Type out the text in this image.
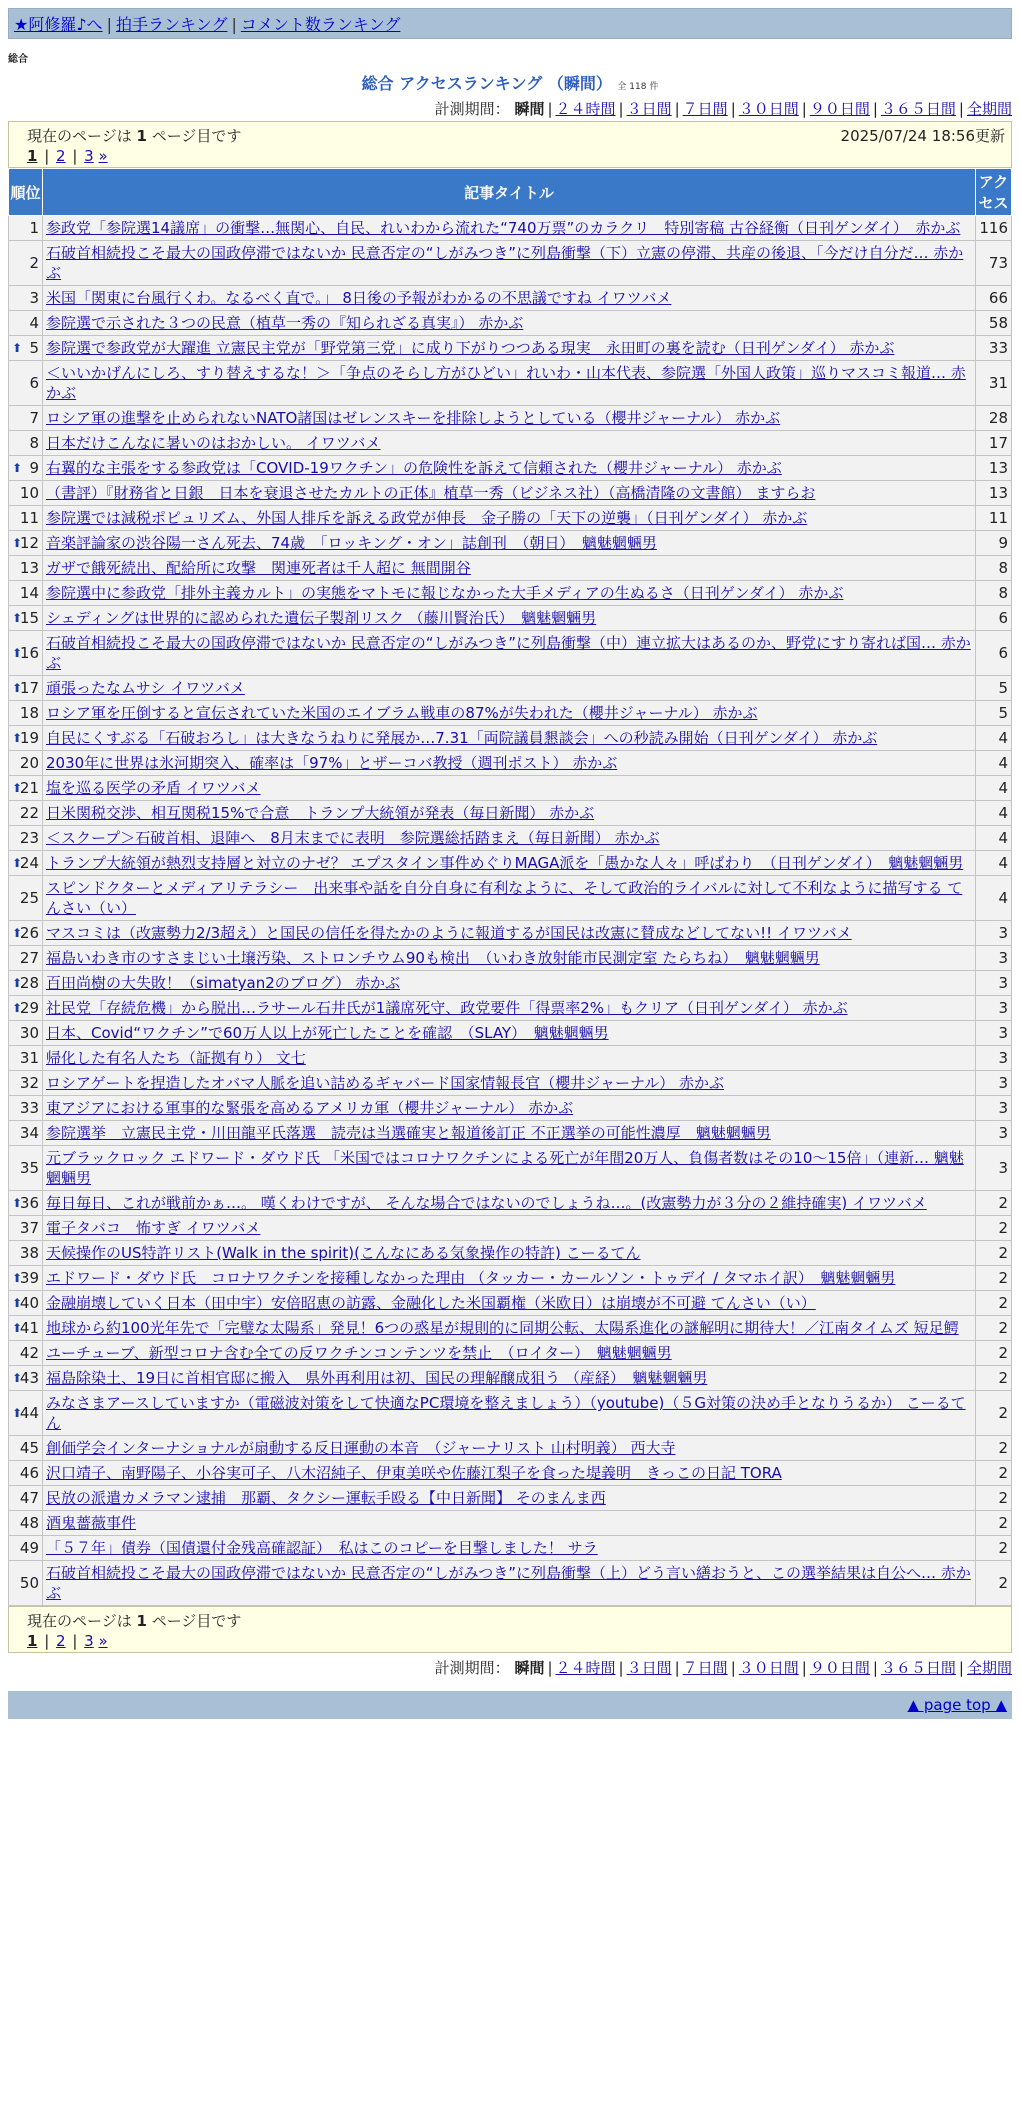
★阿修羅♪へ | 拍手ランキング | コメント数ランキング
総合
総合 アクセスランキング （瞬間） 全 118 件
計測期間： 瞬間 | ２４時間 | ３日間 | ７日間 | ３０日間 | ９０日間 | ３６５日間 | 全期間
現在のページは 1 ページ目です	2025/07/24 18:56更新
1 | 2 | 3 »
順位	記事タイトル	アクセス
1	参政党「参院選14議席」の衝撃…無関心、自民、れいわから流れた“740万票”のカラクリ　特別寄稿 古谷経衡（日刊ゲンダイ）　赤かぶ	116
2	石破首相続投こそ最大の国政停滞ではないか 民意否定の“しがみつき”に列島衝撃（下）立憲の停滞、共産の後退、「今だけ自分だ… 赤かぶ	73
3	米国「関東に台風行くわ。なるべく直で。」 8日後の予報がわかるの不思議ですね イワツバメ	66
4	参院選で示された３つの民意（植草一秀の『知られざる真実』） 赤かぶ	58

⬆ 5	参院選で参政党が大躍進 立憲民主党が「野党第三党」に成り下がりつつある現実　永田町の裏を読む（日刊ゲンダイ） 赤かぶ	33
6	＜いいかげんにしろ、すり替えするな！＞「争点のそらし方がひどい」れいわ・山本代表、参院選「外国人政策」巡りマスコミ報道… 赤かぶ	31
7	ロシア軍の進撃を止められないNATO諸国はゼレンスキーを排除しようとしている（櫻井ジャーナル） 赤かぶ	28
8	日本だけこんなに暑いのはおかしい。 イワツバメ	17

⬆ 9	右翼的な主張をする参政党は「COVID-19ワクチン」の危険性を訴えて信頼された（櫻井ジャーナル） 赤かぶ	13
10	（書評）『財務省と日銀　日本を衰退させたカルトの正体』植草一秀（ビジネス社）（高橋清隆の文書館） ますらお	13
11	参院選では減税ポピュリズム、外国人排斥を訴える政党が伸長　金子勝の「天下の逆襲」（日刊ゲンダイ） 赤かぶ	11

⬆
12	音楽評論家の渋谷陽一さん死去、74歳　「ロッキング・オン」誌創刊　（朝日）　魑魅魍魎男	9
13	ガザで餓死続出、配給所に攻撃　関連死者は千人超に 無間開谷	8
14	参院選中に参政党「排外主義カルト」の実態をマトモに報じなかった大手メディアの生ぬるさ（日刊ゲンダイ） 赤かぶ	8

⬆
15	シェディングは世界的に認められた遺伝子製剤リスク （藤川賢治氏）　魑魅魍魎男	6

⬆
16	石破首相続投こそ最大の国政停滞ではないか 民意否定の“しがみつき”に列島衝撃（中）連立拡大はあるのか、野党にすり寄れば国… 赤かぶ	6

⬆
17	頑張ったなムサシ イワツバメ	5
18	ロシア軍を圧倒すると宣伝されていた米国のエイブラム戦車の87%が失われた（櫻井ジャーナル） 赤かぶ	5

⬆
19	自民にくすぶる「石破おろし」は大きなうねりに発展か…7.31「両院議員懇談会」への秒読み開始（日刊ゲンダイ） 赤かぶ	4
20	2030年に世界は氷河期突入、確率は「97%」とザーコバ教授（週刊ポスト） 赤かぶ	4

⬆
21	塩を巡る医学の矛盾 イワツバメ	4
22	日米関税交渉、相互関税15%で合意　トランプ大統領が発表（毎日新聞） 赤かぶ	4
23	＜スクープ＞石破首相、退陣へ　8月末までに表明　参院選総括踏まえ（毎日新聞） 赤かぶ	4

⬆
24	トランプ大統領が熱烈支持層と対立のナゼ？ エプスタイン事件めぐりMAGA派を「愚かな人々」呼ばわり　（日刊ゲンダイ）　魑魅魍魎男	4
25	スピンドクターとメディアリテラシー　出来事や話を自分自身に有利なように、そして政治的ライバルに対して不利なように描写する てんさい（い）	4

⬆
26	マスコミは（改憲勢力2/3超え）と国民の信任を得たかのように報道するが国民は改憲に賛成などしてない!! イワツバメ	3
27	福島いわき市のすさまじい土壌汚染、ストロンチウム90も検出　（いわき放射能市民測定室 たらちね）　魑魅魍魎男	3

⬆
28	百田尚樹の大失敗！（simatyan2のブログ） 赤かぶ	3

⬆
29	社民党「存続危機」から脱出…ラサール石井氏が1議席死守、政党要件「得票率2%」もクリア（日刊ゲンダイ） 赤かぶ	3
30	日本、Covid“ワクチン”で60万人以上が死亡したことを確認　（SLAY）　魑魅魍魎男	3
31	帰化した有名人たち（証拠有り） 文七	3
32	ロシアゲートを捏造したオバマ人脈を追い詰めるギャバード国家情報長官（櫻井ジャーナル） 赤かぶ	3
33	東アジアにおける軍事的な緊張を高めるアメリカ軍（櫻井ジャーナル） 赤かぶ	3
34	参院選挙　立憲民主党・川田龍平氏落選　読売は当選確実と報道後訂正 不正選挙の可能性濃厚　魑魅魍魎男	3
35	元ブラックロック エドワード・ダウド氏 「米国ではコロナワクチンによる死亡が年間20万人、負傷者数はその10～15倍」（連新… 魑魅魍魎男	3

⬆
36	毎日毎日、これが戦前かぁ…。 嘆くわけですが、 そんな場合ではないのでしょうね…。(改憲勢力が３分の２維持確実) イワツバメ	2
37	電子タバコ　怖すぎ イワツバメ	2
38	天候操作のUS特許リスト(Walk in the spirit)(こんなにある気象操作の特許) こーるてん	2

⬆
39	エドワード・ダウド氏　コロナワクチンを接種しなかった理由 （タッカー・カールソン・トゥデイ / タマホイ訳）　魑魅魍魎男	2

⬆
40	金融崩壊していく日本（田中宇）安倍昭恵の訪露、金融化した米国覇権（米欧日）は崩壊が不可避 てんさい（い）	2

⬆
41	地球から約100光年先で「完璧な太陽系」発見！6つの惑星が規則的に同期公転、太陽系進化の謎解明に期待大！／江南タイムズ 短足鰐	2
42	ユーチューブ、新型コロナ含む全ての反ワクチンコンテンツを禁止　（ロイター）　魑魅魍魎男	2

⬆
43	福島除染土、19日に首相官邸に搬入　県外再利用は初、国民の理解醸成狙う （産経）　魑魅魍魎男	2

⬆
44	みなさまアースしていますか（電磁波対策をして快適なPC環境を整えましょう）（youtube)（５G対策の決め手となりうるか） こーるてん	2
45	創価学会インターナショナルが扇動する反日運動の本音　（ジャーナリスト 山村明義） 西大寺	2
46	沢口靖子、南野陽子、小谷実可子、八木沼純子、伊東美咲や佐藤江梨子を食った堤義明　きっこの日記 TORA	2
47	民放の派遣カメラマン逮捕　那覇、タクシー運転手殴る【中日新聞】 そのまんま西	2
48	酒鬼薔薇事件	2
49	「５７年」債券（国債還付金残高確認証）　私はこのコピーを目撃しました！ サラ	2
50	石破首相続投こそ最大の国政停滞ではないか 民意否定の“しがみつき”に列島衝撃（上）どう言い繕おうと、この選挙結果は自公へ… 赤かぶ	2
現在のページは 1 ページ目です
1 | 2 | 3 »
計測期間： 瞬間 | ２４時間 | ３日間 | ７日間 | ３０日間 | ９０日間 | ３６５日間 | 全期間
▲ page top ▲
